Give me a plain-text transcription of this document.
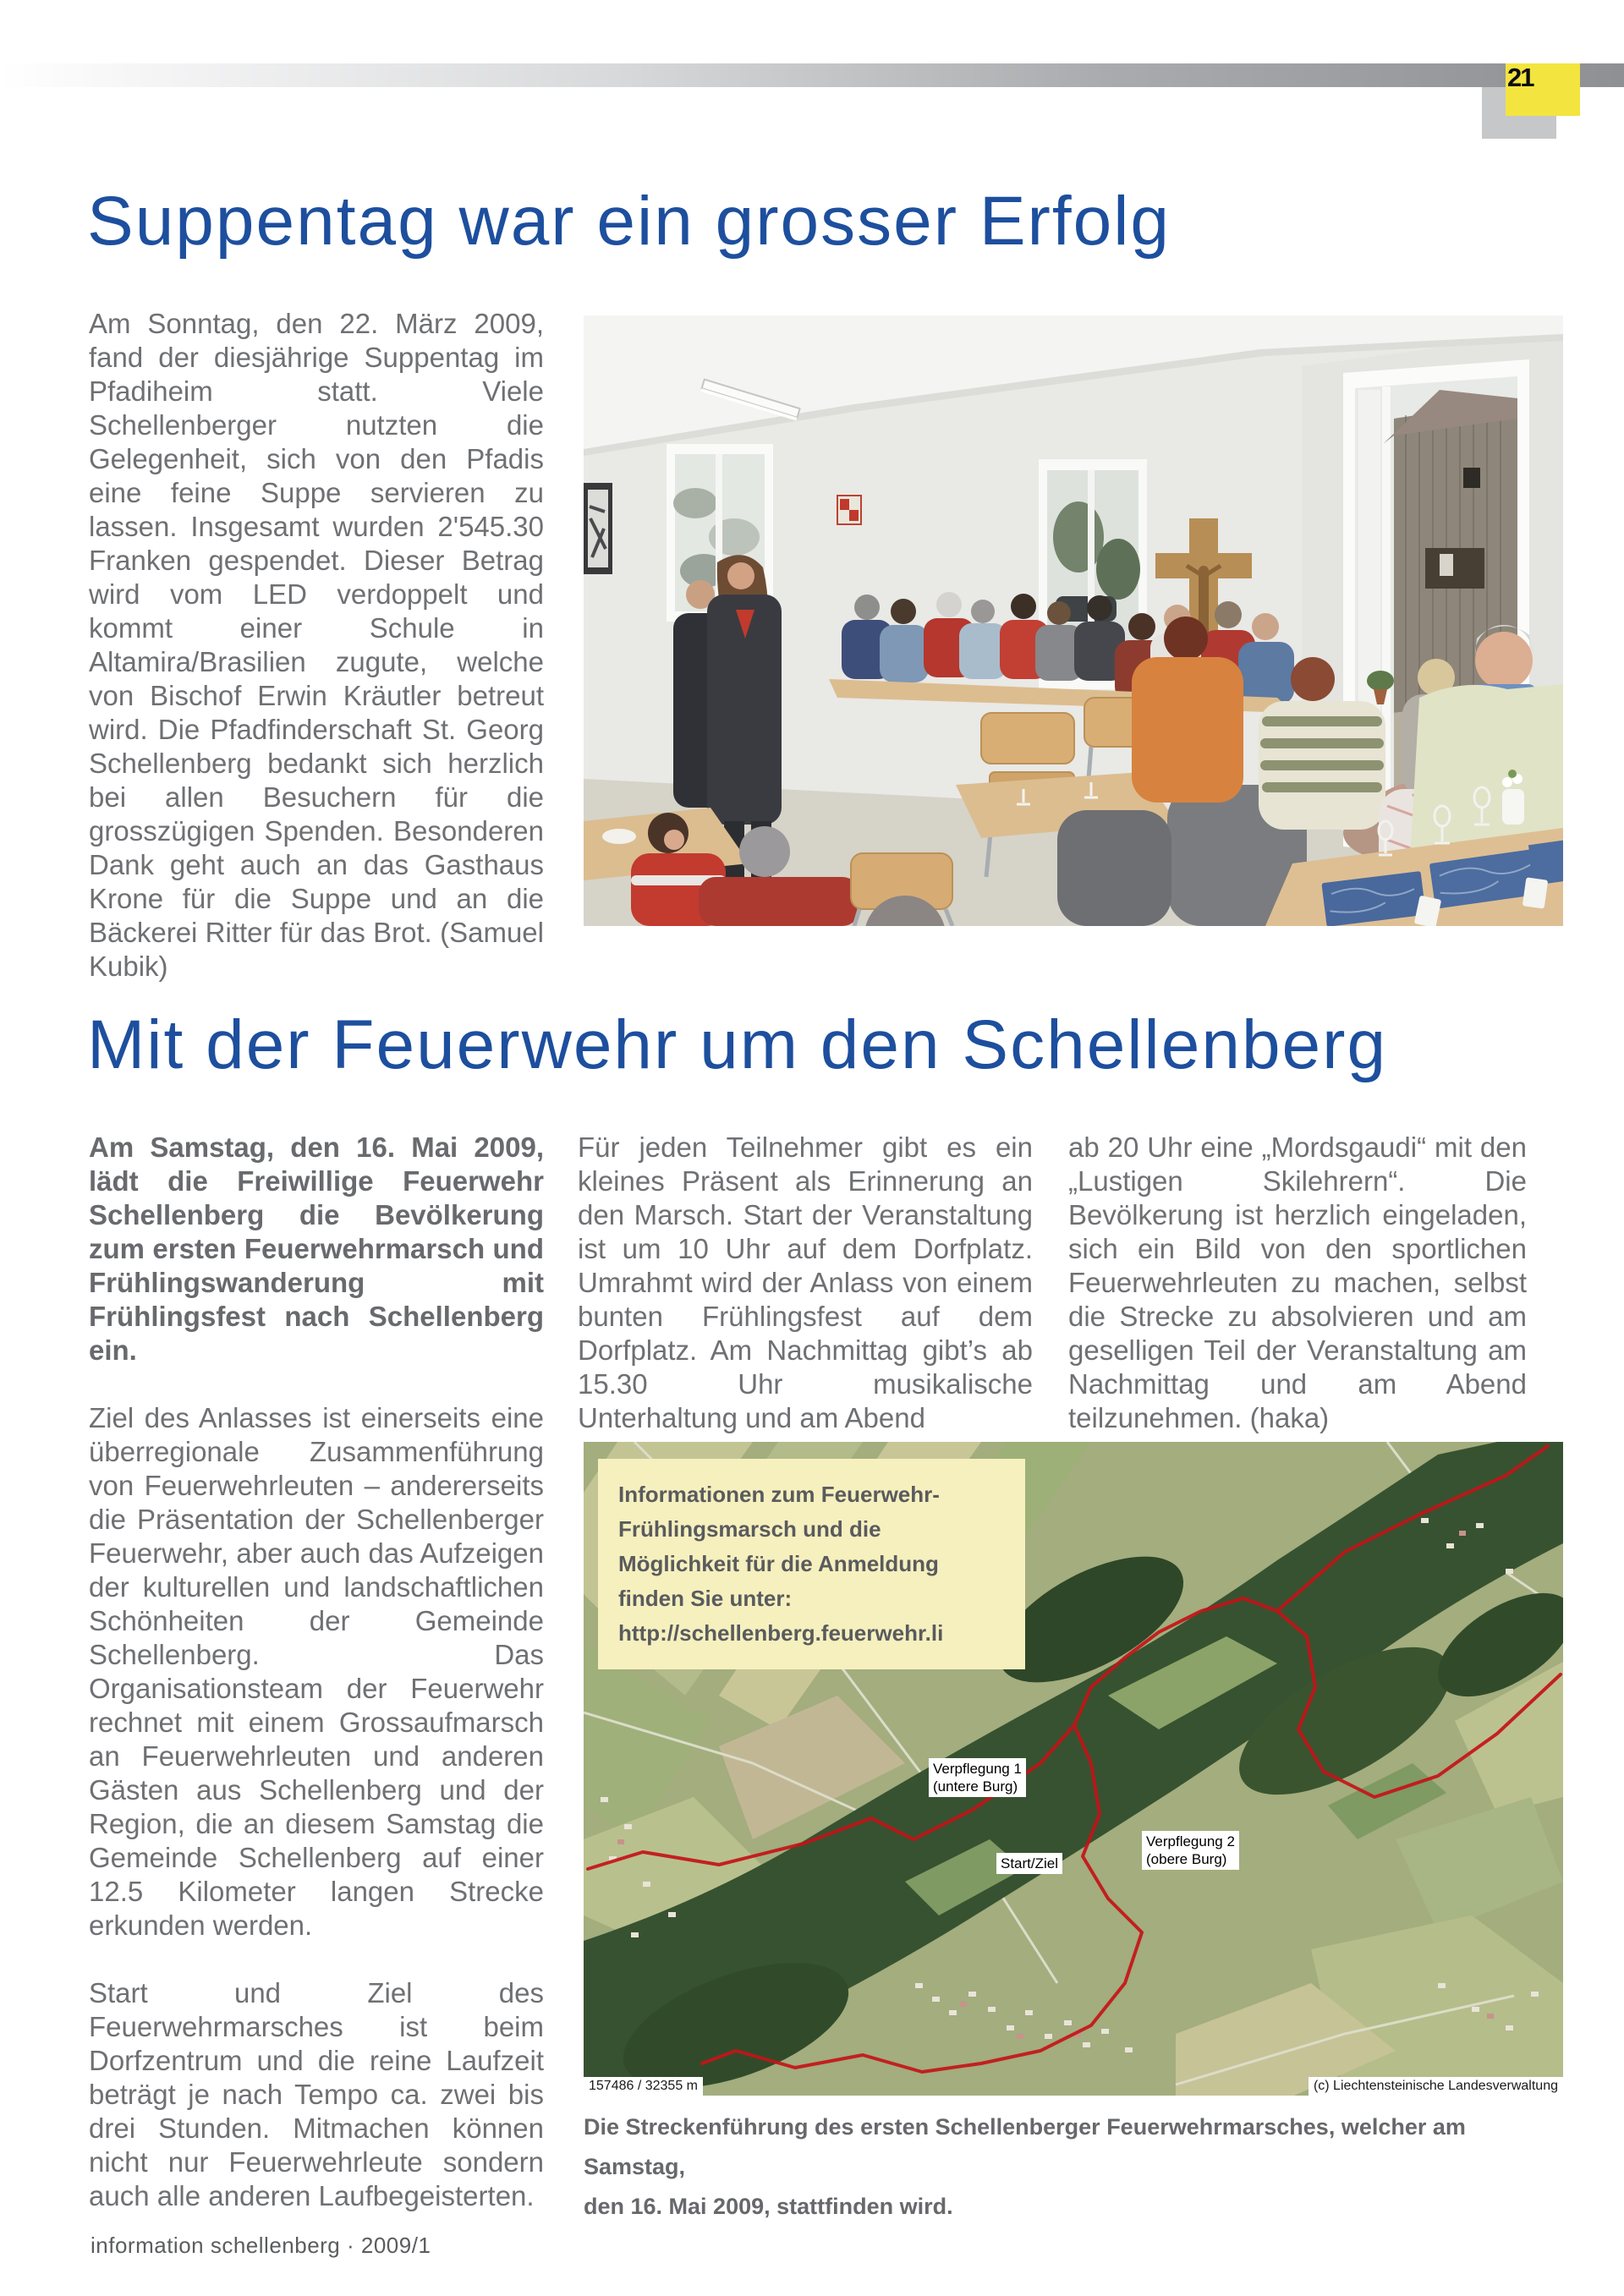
21
Suppentag war ein grosser Erfolg
Am Sonntag, den 22. März 2009, fand der diesjährige Suppentag im Pfadiheim statt. Viele Schellenberger nutzten die Gelegenheit, sich von den Pfadis eine feine Suppe servieren zu lassen. Insgesamt wurden 2'545.30 Franken gespendet. Dieser Betrag wird vom LED verdoppelt und kommt einer Schule in Altamira/Brasilien zugute, welche von Bischof Erwin Kräutler betreut wird. Die Pfadfinderschaft St. Georg Schellenberg bedankt sich herzlich bei allen Besuchern für die grosszügigen Spenden. Besonderen Dank geht auch an das Gasthaus Krone für die Suppe und an die Bäckerei Ritter für das Brot. (Samuel Kubik)
Mit der Feuerwehr um den Schellenberg

Am Samstag, den 16. Mai 2009, lädt die Freiwillige Feuerwehr Schellenberg die Bevölkerung zum ersten Feuerwehrmarsch und Frühlingswanderung mit Frühlingsfest nach Schellenberg ein.

Ziel des Anlasses ist einerseits eine überregionale Zusammenführung von Feuerwehrleuten – andererseits die Präsentation der Schellenberger Feuerwehr, aber auch das Aufzeigen der kulturellen und landschaftlichen Schönheiten der Gemeinde Schellenberg. Das Organisationsteam der Feuerwehr rechnet mit einem Grossaufmarsch an Feuerwehrleuten und anderen Gästen aus Schellenberg und der Region, die an diesem Samstag die Gemeinde Schellenberg auf einer 12.5 Kilometer langen Strecke erkunden werden.

Start und Ziel des Feuerwehrmarsches ist beim Dorfzentrum und die reine Laufzeit beträgt je nach Tempo ca. zwei bis drei Stunden. Mitmachen können nicht nur Feuerwehrleute sondern auch alle anderen Laufbegeisterten.

Für jeden Teilnehmer gibt es ein kleines Präsent als Erinnerung an den Marsch. Start der Veranstaltung ist um 10 Uhr auf dem Dorfplatz. Umrahmt wird der Anlass von einem bunten Frühlingsfest auf dem Dorfplatz. Am Nachmittag gibt’s ab 15.30 Uhr musikalische Unterhaltung und am Abend
ab 20 Uhr eine „Mordsgaudi“ mit den „Lustigen Skilehrern“. Die Bevölkerung ist herzlich eingeladen, sich ein Bild von den sportlichen Feuerwehrleuten zu machen, selbst die Strecke zu absolvieren und am geselligen Teil der Veranstaltung am Nachmittag und am Abend teilzunehmen. (haka)
Informationen zum Feuerwehr-
Frühlingsmarsch und die
Möglichkeit für die Anmeldung
finden Sie unter:
http://schellenberg.feuerwehr.li
Verpflegung 1
(untere Burg)
Start/Ziel
Verpflegung 2
(obere Burg)
157486 / 32355 m	(c) Liechtensteinische Landesverwaltung
Die Streckenführung des ersten Schellenberger Feuerwehrmarsches, welcher am Samstag,
den 16. Mai 2009, stattfinden wird.
information schellenberg · 2009/1
